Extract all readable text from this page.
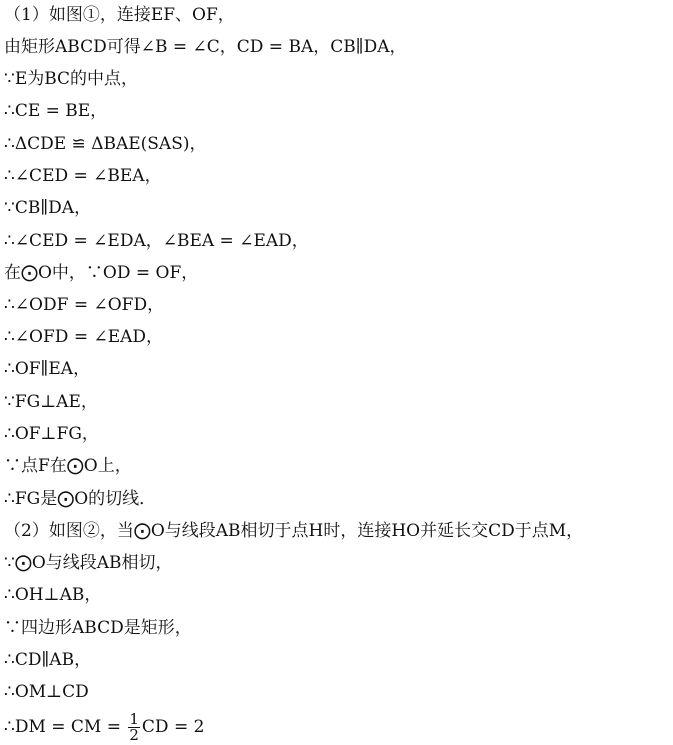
（1）如图①，连接EF、OF，
由矩形ABCD可得∠B = ∠C，CD = BA，CB∥DA，
∵E为BC的中点，
∴CE = BE，
∴ΔCDE ≌ ΔBAE(SAS)，
∴∠CED = ∠BEA，
∵CB∥DA，
∴∠CED = ∠EDA，∠BEA = ∠EAD，
在⨀O中，∵OD = OF，
∴∠ODF = ∠OFD，
∴∠OFD = ∠EAD，
∴OF∥EA，
∵FG⊥AE，
∴OF⊥FG，
∵点F在⨀O上，
∴FG是⨀O的切线．
（2）如图②，当⨀O与线段AB相切于点H时，连接HO并延长交CD于点M，
∵⨀O与线段AB相切，
∴OH⊥AB，
∵四边形ABCD是矩形，
∴CD∥AB，
∴OM⊥CD
∴DM = CM = $\frac{1}{2}$ CD = 2
